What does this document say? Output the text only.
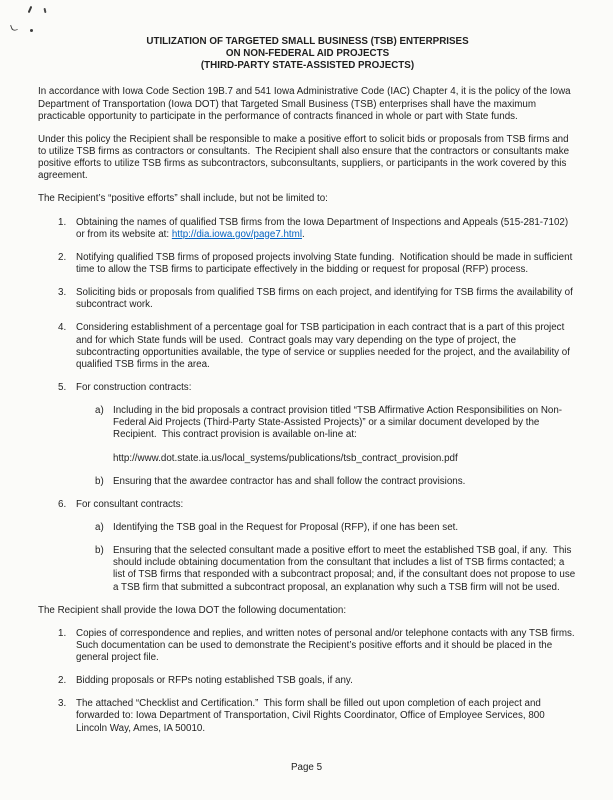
UTILIZATION OF TARGETED SMALL BUSINESS (TSB) ENTERPRISES
ON NON-FEDERAL AID PROJECTS
(THIRD-PARTY STATE-ASSISTED PROJECTS)

In accordance with Iowa Code Section 19B.7 and 541 Iowa Administrative Code (IAC) Chapter 4, it is the policy of the Iowa Department of Transportation (Iowa DOT) that Targeted Small Business (TSB) enterprises shall have the maximum practicable opportunity to participate in the performance of contracts financed in whole or part with State funds.

Under this policy the Recipient shall be responsible to make a positive effort to solicit bids or proposals from TSB firms and to utilize TSB firms as contractors or consultants.  The Recipient shall also ensure that the contractors or consultants make positive efforts to utilize TSB firms as subcontractors, subconsultants, suppliers, or participants in the work covered by this agreement.

The Recipient’s “positive efforts” shall include, but not be limited to:

1.	Obtaining the names of qualified TSB firms from the Iowa Department of Inspections and Appeals (515-281-7102) or from its website at: http://dia.iowa.gov/page7.html.
2.	Notifying qualified TSB firms of proposed projects involving State funding.  Notification should be made in sufficient time to allow the TSB firms to participate effectively in the bidding or request for proposal (RFP) process.
3.	Soliciting bids or proposals from qualified TSB firms on each project, and identifying for TSB firms the availability of subcontract work.
4.	Considering establishment of a percentage goal for TSB participation in each contract that is a part of this project and for which State funds will be used.  Contract goals may vary depending on the type of project, the subcontracting opportunities available, the type of service or supplies needed for the project, and the availability of qualified TSB firms in the area.
5.	For construction contracts:
a) Including in the bid proposals a contract provision titled “TSB Affirmative Action Responsibilities on Non-Federal Aid Projects (Third-Party State-Assisted Projects)” or a similar document developed by the Recipient.  This contract provision is available on-line at:
http://www.dot.state.ia.us/local_systems/publications/tsb_contract_provision.pdf
b) Ensuring that the awardee contractor has and shall follow the contract provisions.
6.	For consultant contracts:
a) Identifying the TSB goal in the Request for Proposal (RFP), if one has been set.
b) Ensuring that the selected consultant made a positive effort to meet the established TSB goal, if any.  This should include obtaining documentation from the consultant that includes a list of TSB firms contacted; a list of TSB firms that responded with a subcontract proposal; and, if the consultant does not propose to use a TSB firm that submitted a subcontract proposal, an explanation why such a TSB firm will not be used.

The Recipient shall provide the Iowa DOT the following documentation:

1.	Copies of correspondence and replies, and written notes of personal and/or telephone contacts with any TSB firms.  Such documentation can be used to demonstrate the Recipient’s positive efforts and it should be placed in the general project file.
2.	Bidding proposals or RFPs noting established TSB goals, if any.
3.	The attached “Checklist and Certification.”  This form shall be filled out upon completion of each project and forwarded to: Iowa Department of Transportation, Civil Rights Coordinator, Office of Employee Services, 800 Lincoln Way, Ames, IA 50010.
Page 5
